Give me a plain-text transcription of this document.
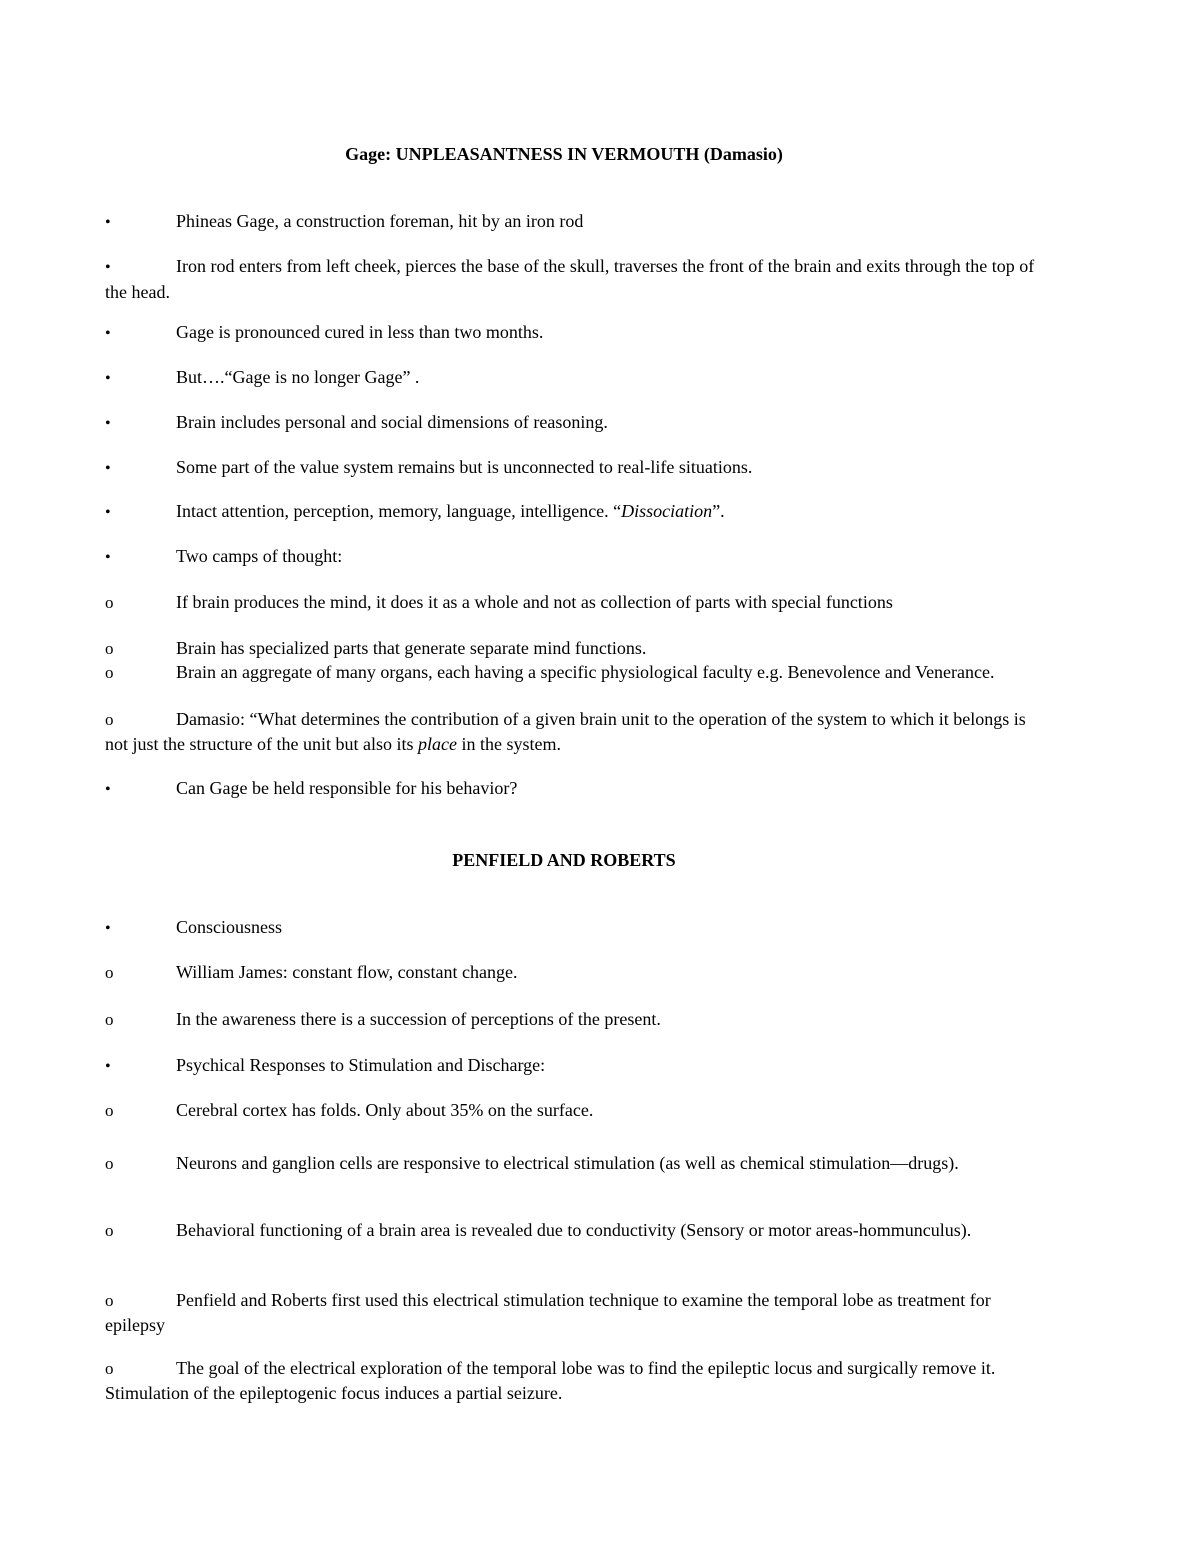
Gage: UNPLEASANTNESS IN VERMOUTH (Damasio)
•	Phineas Gage, a construction foreman, hit by an iron rod
•	Iron rod enters from left cheek, pierces the base of the skull, traverses the front of the brain and exits through the top of the head.
•	Gage is pronounced cured in less than two months.
•	But….“Gage is no longer Gage” .
•	Brain includes personal and social dimensions of reasoning.
•	Some part of the value system remains but is unconnected to real-life situations.
•	Intact attention, perception, memory, language, intelligence. “Dissociation”.
•	Two camps of thought:
o	If brain produces the mind, it does it as a whole and not as collection of parts with special functions
o	Brain has specialized parts that generate separate mind functions.
o	Brain an aggregate of many organs, each having a specific physiological faculty e.g. Benevolence and Venerance.
o	Damasio: “What determines the contribution of a given brain unit to the operation of the system to which it belongs is not just the structure of the unit but also its place in the system.
•	Can Gage be held responsible for his behavior?
PENFIELD AND ROBERTS
•	Consciousness
o	William James: constant flow, constant change.
o	In the awareness there is a succession of perceptions of the present.
•	Psychical Responses to Stimulation and Discharge:
o	Cerebral cortex has folds. Only about 35% on the surface.
o	Neurons and ganglion cells are responsive to electrical stimulation (as well as chemical stimulation—drugs).
o	Behavioral functioning of a brain area is revealed due to conductivity (Sensory or motor areas-hommunculus).
o	Penfield and Roberts first used this electrical stimulation technique to examine the temporal lobe as treatment for epilepsy
o	The goal of the electrical exploration of the temporal lobe was to find the epileptic locus and surgically remove it. Stimulation of the epileptogenic focus induces a partial seizure.
